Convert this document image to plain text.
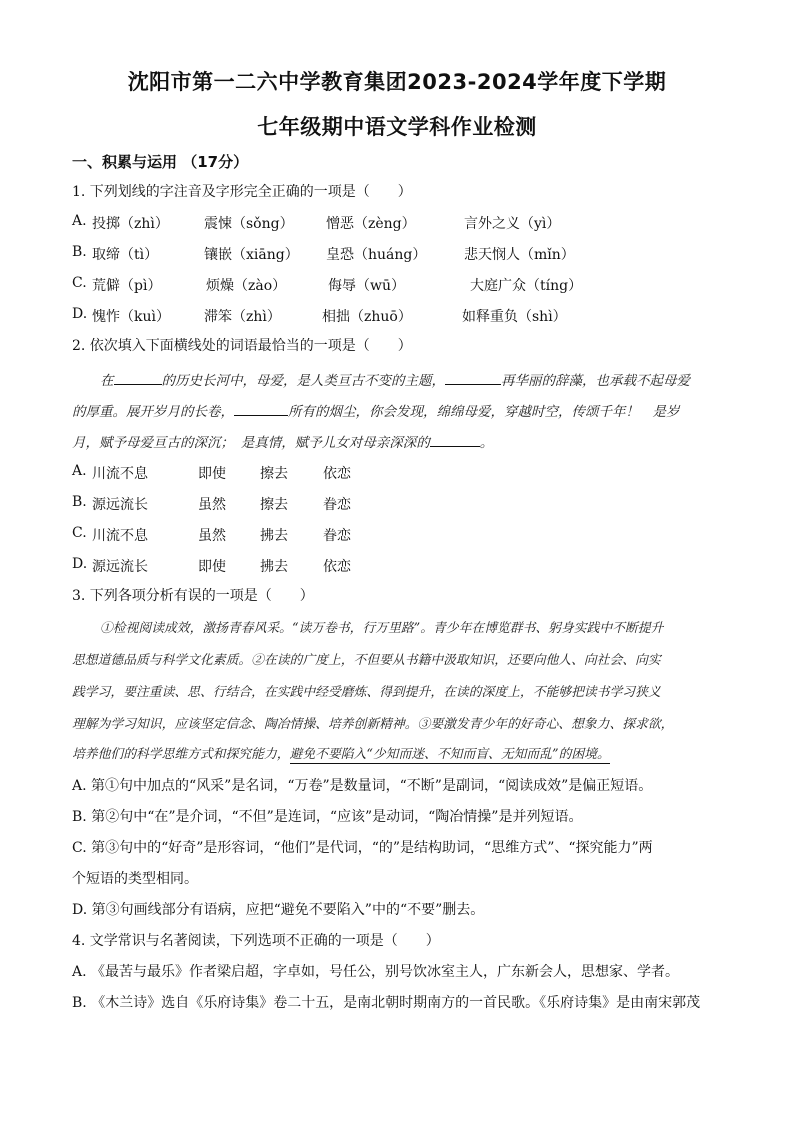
沈阳市第一二六中学教育集团2023-2024学年度下学期
七年级期中语文学科作业检测
一、积累与运用 （17分）
1. 下列划线的字注音及字形完全正确的一项是（　　）
A. 投掷（zhì）	震悚（sǒng） 憎恶（zèng）	言外之义（yì）
B. 取缔（tì）	镶嵌（xiāng） 皇恐（huáng）	悲天悯人（mǐn）
C. 荒僻（pì）	烦燥（zào）	侮辱（wū）	大庭广众（tíng）
D. 愧怍（kuì） 滞笨（zhì）	相拙（zhuō）	如释重负（shì）
2. 依次填入下面横线处的词语最恰当的一项是（　　）
在	的历史长河中，母爱，是人类亘古不变的主题，	再华丽的辞藻，也承载不起母爱
的厚重。展开岁月的长卷，	所有的烟尘，你会发现，绵绵母爱，穿越时空，传颂千年！　是岁
月，赋予母爱亘古的深沉；　是真情，赋予儿女对母亲深深的	。
A. 川流不息	即使 擦去	依恋
B. 源远流长	虽然 擦去	眷恋
C. 川流不息	虽然 拂去	眷恋
D. 源远流长	即使 拂去	依恋
3. 下列各项分析有误的一项是（　　）
①检视阅读成效，激扬青春风采。“读万卷书，行万里路”。青少年在博览群书、躬身实践中不断提升
思想道德品质与科学文化素质。②在读的广度上，不但要从书籍中汲取知识，还要向他人、向社会、向实
践学习，要注重读、思、行结合，在实践中经受磨炼、得到提升，在读的深度上，不能够把读书学习狭义
理解为学习知识，应该坚定信念、陶冶情操、培养创新精神。③要激发青少年的好奇心、想象力、探求欲，
培养他们的科学思维方式和探究能力，避免不要陷入“少知而迷、不知而盲、无知而乱”的困境。
A. 第①句中加点的“风采”是名词，“万卷”是数量词，“不断”是副词，“阅读成效”是偏正短语。
B. 第②句中“在”是介词，“不但”是连词，“应该”是动词，“陶冶情操”是并列短语。
C. 第③句中的“好奇”是形容词，“他们”是代词，“的”是结构助词，“思维方式”、“探究能力”两
个短语的类型相同。
D. 第③句画线部分有语病，应把“避免不要陷入”中的“不要”删去。
4. 文学常识与名著阅读，下列选项不正确的一项是（　　）
A. 《最苦与最乐》作者梁启超，字卓如，号任公，别号饮冰室主人，广东新会人，思想家、学者。
B. 《木兰诗》选自《乐府诗集》卷二十五，是南北朝时期南方的一首民歌。《乐府诗集》是由南宋郭茂
